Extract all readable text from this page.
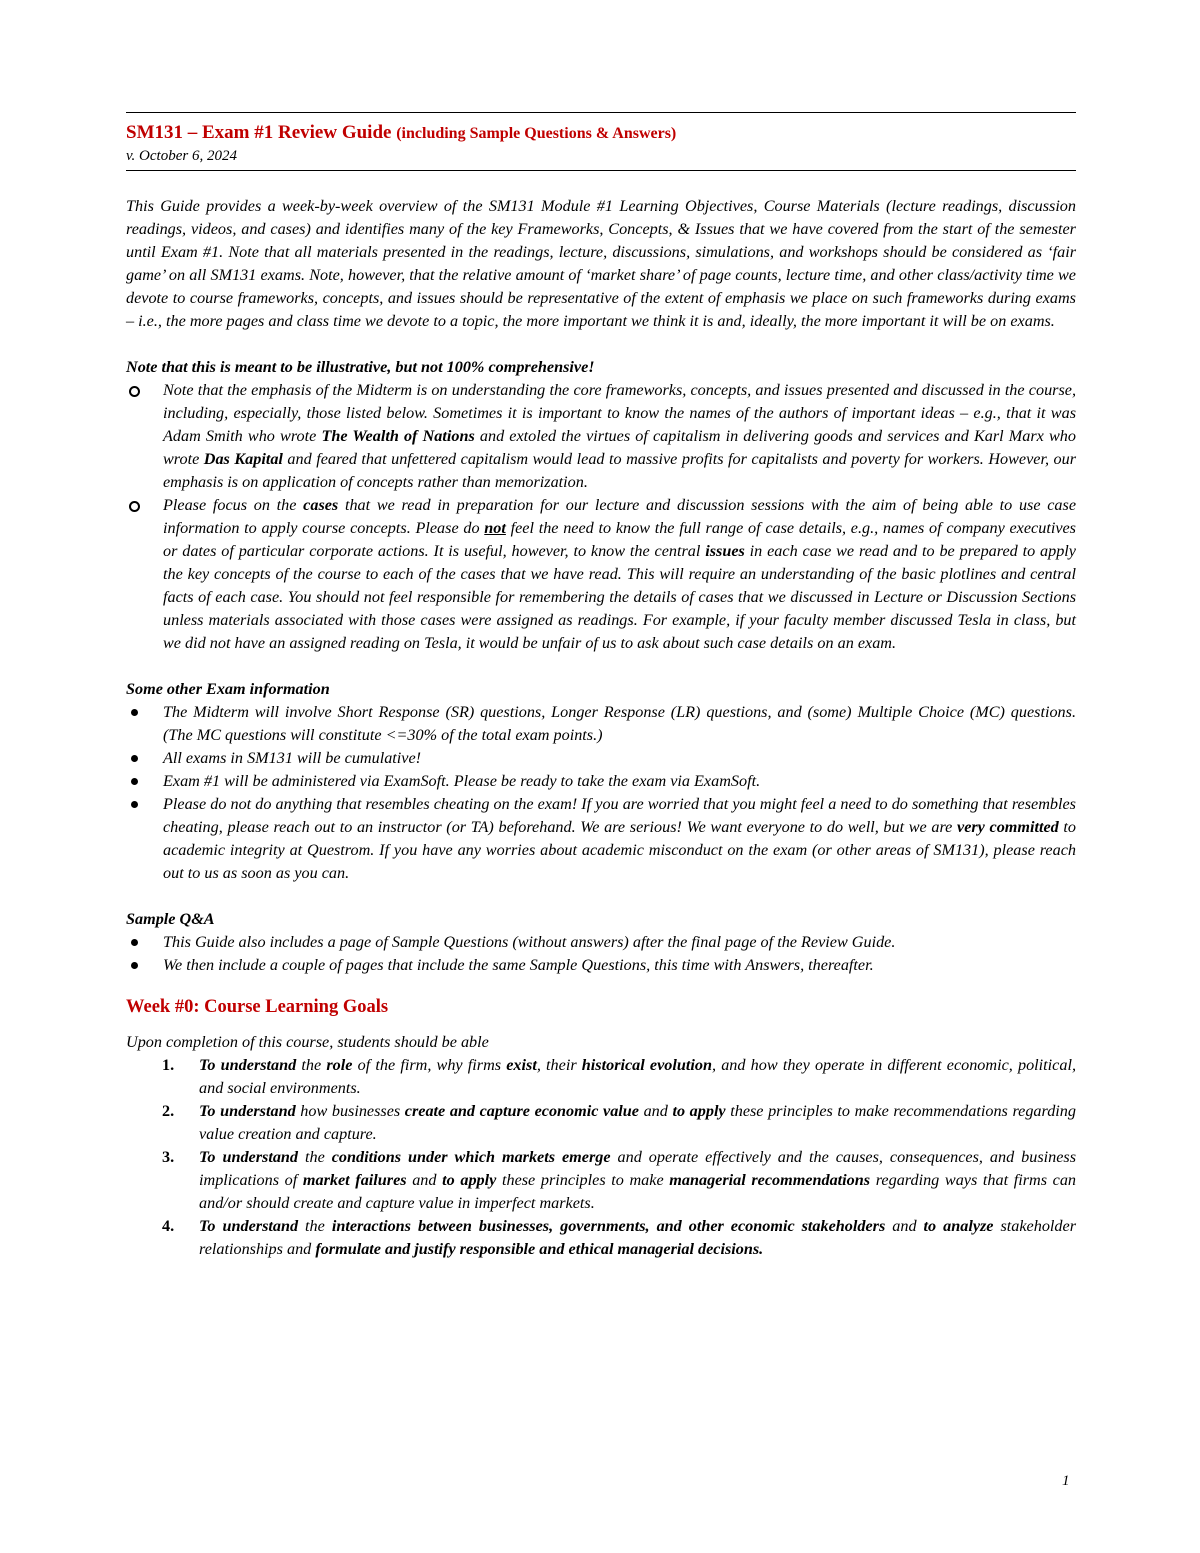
SM131 – Exam #1 Review Guide (including Sample Questions & Answers)
v. October 6, 2024

This Guide provides a week-by-week overview of the SM131 Module #1 Learning Objectives, Course Materials (lecture readings, discussion readings, videos, and cases) and identifies many of the key Frameworks, Concepts, & Issues that we have covered from the start of the semester until Exam #1. Note that all materials presented in the readings, lecture, discussions, simulations, and workshops should be considered as ‘fair game’ on all SM131 exams. Note, however, that the relative amount of ‘market share’ of page counts, lecture time, and other class/activity time we devote to course frameworks, concepts, and issues should be representative of the extent of emphasis we place on such frameworks during exams – i.e., the more pages and class time we devote to a topic, the more important we think it is and, ideally, the more important it will be on exams.

Note that this is meant to be illustrative, but not 100% comprehensive!
Note that the emphasis of the Midterm is on understanding the core frameworks, concepts, and issues presented and discussed in the course, including, especially, those listed below. Sometimes it is important to know the names of the authors of important ideas – e.g., that it was Adam Smith who wrote The Wealth of Nations and extoled the virtues of capitalism in delivering goods and services and Karl Marx who wrote Das Kapital and feared that unfettered capitalism would lead to massive profits for capitalists and poverty for workers. However, our emphasis is on application of concepts rather than memorization.
Please focus on the cases that we read in preparation for our lecture and discussion sessions with the aim of being able to use case information to apply course concepts. Please do not feel the need to know the full range of case details, e.g., names of company executives or dates of particular corporate actions. It is useful, however, to know the central issues in each case we read and to be prepared to apply the key concepts of the course to each of the cases that we have read. This will require an understanding of the basic plotlines and central facts of each case. You should not feel responsible for remembering the details of cases that we discussed in Lecture or Discussion Sections unless materials associated with those cases were assigned as readings. For example, if your faculty member discussed Tesla in class, but we did not have an assigned reading on Tesla, it would be unfair of us to ask about such case details on an exam.
Some other Exam information
The Midterm will involve Short Response (SR) questions, Longer Response (LR) questions, and (some) Multiple Choice (MC) questions. (The MC questions will constitute <=30% of the total exam points.)
All exams in SM131 will be cumulative!
Exam #1 will be administered via ExamSoft. Please be ready to take the exam via ExamSoft.
Please do not do anything that resembles cheating on the exam! If you are worried that you might feel a need to do something that resembles cheating, please reach out to an instructor (or TA) beforehand. We are serious! We want everyone to do well, but we are very committed to academic integrity at Questrom. If you have any worries about academic misconduct on the exam (or other areas of SM131), please reach out to us as soon as you can.
Sample Q&A
This Guide also includes a page of Sample Questions (without answers) after the final page of the Review Guide.
We then include a couple of pages that include the same Sample Questions, this time with Answers, thereafter.
Week #0: Course Learning Goals
Upon completion of this course, students should be able
1. To understand the role of the firm, why firms exist, their historical evolution, and how they operate in different economic, political, and social environments.
2. To understand how businesses create and capture economic value and to apply these principles to make recommendations regarding value creation and capture.
3. To understand the conditions under which markets emerge and operate effectively and the causes, consequences, and business implications of market failures and to apply these principles to make managerial recommendations regarding ways that firms can and/or should create and capture value in imperfect markets.
4. To understand the interactions between businesses, governments, and other economic stakeholders and to analyze stakeholder relationships and formulate and justify responsible and ethical managerial decisions.
1
